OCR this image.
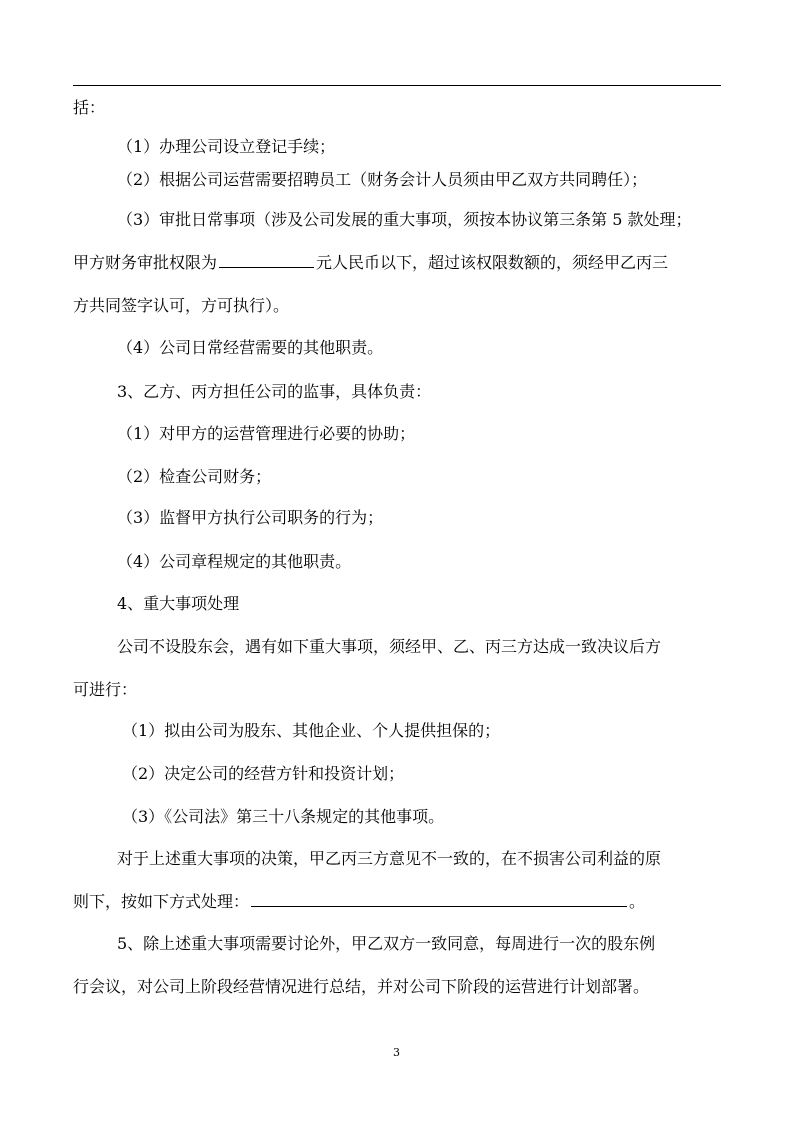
括：
（1）办理公司设立登记手续；
（2）根据公司运营需要招聘员工（财务会计人员须由甲乙双方共同聘任）；
（3）审批日常事项（涉及公司发展的重大事项，须按本协议第三条第 5 款处理；
甲方财务审批权限为	元人民币以下，超过该权限数额的，须经甲乙丙三
方共同签字认可，方可执行）。
（4）公司日常经营需要的其他职责。
3、乙方、丙方担任公司的监事，具体负责：
（1）对甲方的运营管理进行必要的协助；
（2）检查公司财务；
（3）监督甲方执行公司职务的行为；
（4）公司章程规定的其他职责。
4、重大事项处理
公司不设股东会，遇有如下重大事项，须经甲、乙、丙三方达成一致决议后方
可进行：
（1）拟由公司为股东、其他企业、个人提供担保的；
（2）决定公司的经营方针和投资计划；
（3）《公司法》第三十八条规定的其他事项。
对于上述重大事项的决策，甲乙丙三方意见不一致的，在不损害公司利益的原
则下，按如下方式处理：	。
5、除上述重大事项需要讨论外，甲乙双方一致同意，每周进行一次的股东例
行会议，对公司上阶段经营情况进行总结，并对公司下阶段的运营进行计划部署。
3
